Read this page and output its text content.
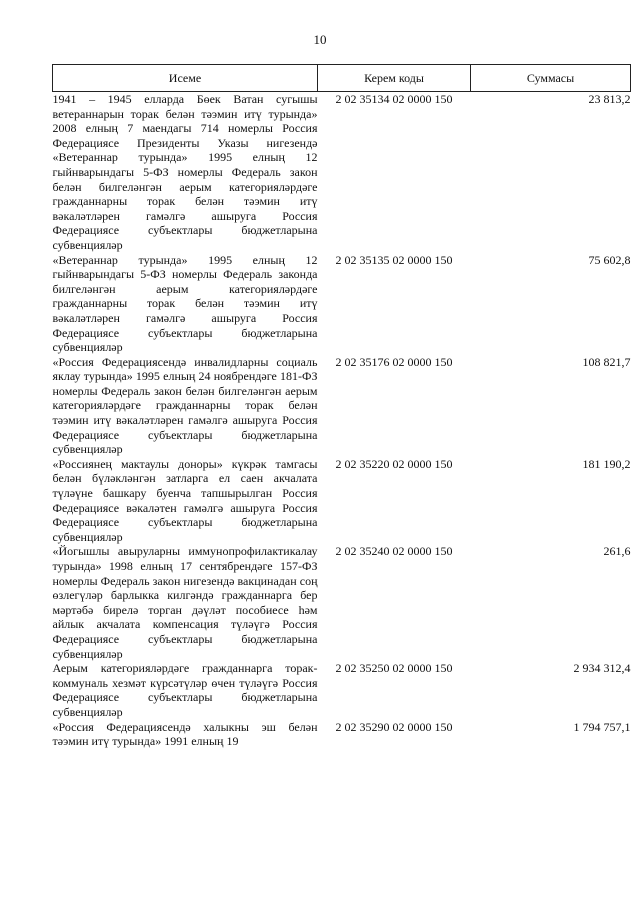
10
Исеме	Керем коды	Суммасы
1941 – 1945 елларда Бөек Ватан сугышы ветераннарын торак белән тәэмин итү турында» 2008 елның 7 маендагы 714 номерлы Россия Федерациясе Президенты Указы нигезендә «Ветераннар турында» 1995 елның 12 гыйнварындагы 5-ФЗ номерлы Федераль закон белән билгеләнгән аерым категорияләрдәге гражданнарны торак белән тәэмин итү вәкаләтләрен гамәлгә ашыруга Россия Федерациясе субъектлары бюджетларына субвенцияләр	2 02 35134 02 0000 150	23 813,2
«Ветераннар турында» 1995 елның 12 гыйнварындагы 5-ФЗ номерлы Федераль законда билгеләнгән аерым категорияләрдәге гражданнарны торак белән тәэмин итү вәкаләтләрен гамәлгә ашыруга Россия Федерациясе субъектлары бюджетларына субвенцияләр	2 02 35135 02 0000 150	75 602,8
«Россия Федерациясендә инвалидларны социаль яклау турында» 1995 елның 24 ноябрендәге 181-ФЗ номерлы Федераль закон белән билгеләнгән аерым категорияләрдәге гражданнарны торак белән тәэмин итү вәкаләтләрен гамәлгә ашыруга Россия Федерациясе субъектлары бюджетларына субвенцияләр	2 02 35176 02 0000 150	108 821,7
«Россиянең мактаулы доноры» күкрәк тамгасы белән бүләкләнгән затларга ел саен акчалата түләүне башкару буенча тапшырылган Россия Федерациясе вәкаләтен гамәлгә ашыруга Россия Федерациясе субъектлары бюджетларына субвенцияләр	2 02 35220 02 0000 150	181 190,2
«Йогышлы авыруларны иммунопрофилактикалау турында» 1998 елның 17 сентябрендәге 157-ФЗ номерлы Федераль закон нигезендә вакцинадан соң өзлегүләр барлыкка килгәндә гражданнарга бер мәртәбә бирелә торган дәүләт пособиесе һәм айлык акчалата компенсация түләүгә Россия Федерациясе субъектлары бюджетларына субвенцияләр	2 02 35240 02 0000 150	261,6
Аерым категорияләрдәге гражданнарга торак-коммуналь хезмәт күрсәтүләр өчен түләүгә Россия Федерациясе субъектлары бюджетларына субвенцияләр	2 02 35250 02 0000 150	2 934 312,4
«Россия Федерациясендә халыкны эш белән тәэмин итү турында» 1991 елның 19	2 02 35290 02 0000 150	1 794 757,1
